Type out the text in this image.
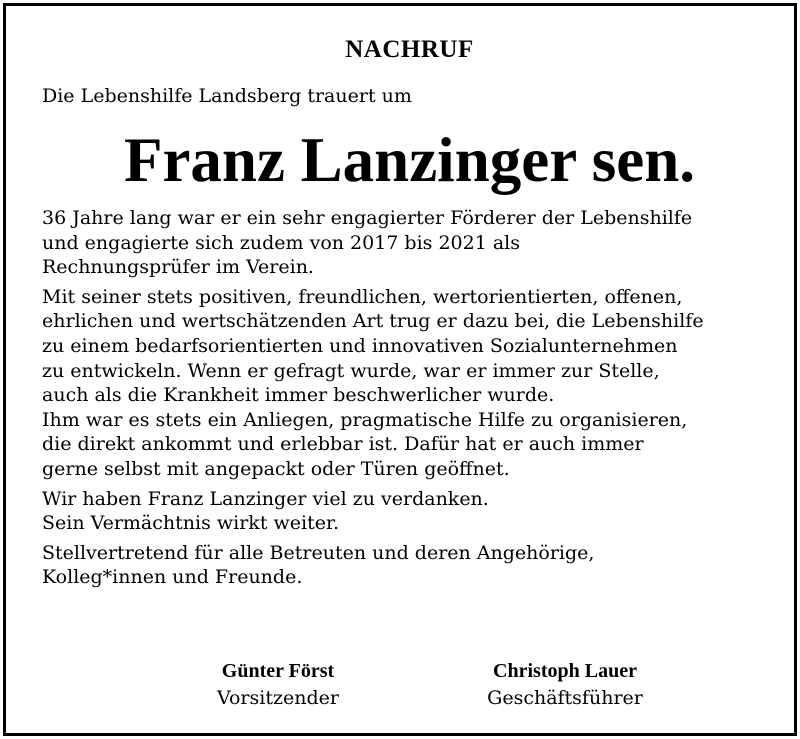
NACHRUF
Die Lebenshilfe Landsberg trauert um
Franz Lanzinger sen.
36 Jahre lang war er ein sehr engagierter Förderer der Lebenshilfe
und engagierte sich zudem von 2017 bis 2021 als
Rechnungsprüfer im Verein.
Mit seiner stets positiven, freundlichen, wertorientierten, offenen,
ehrlichen und wertschätzenden Art trug er dazu bei, die Lebenshilfe
zu einem bedarfsorientierten und innovativen Sozialunternehmen
zu entwickeln. Wenn er gefragt wurde, war er immer zur Stelle,
auch als die Krankheit immer beschwerlicher wurde.
Ihm war es stets ein Anliegen, pragmatische Hilfe zu organisieren,
die direkt ankommt und erlebbar ist. Dafür hat er auch immer
gerne selbst mit angepackt oder Türen geöffnet.
Wir haben Franz Lanzinger viel zu verdanken.
Sein Vermächtnis wirkt weiter.
Stellvertretend für alle Betreuten und deren Angehörige,
Kolleg*innen und Freunde.
Günter Först
Vorsitzender
Christoph Lauer
Geschäftsführer
